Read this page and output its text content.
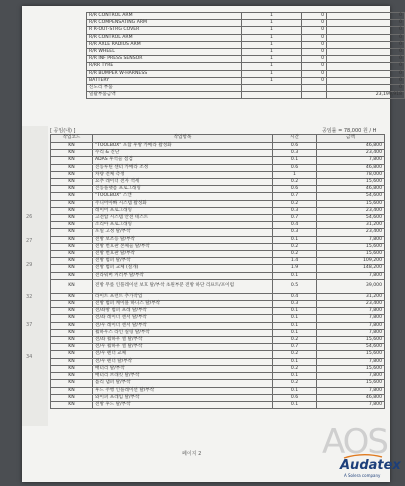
26
27
29
32
37
34
R/R CONTROL ARM	1	0	0
R/R COMPENSATING ARM	1	0	0
R R-OUT-STRG COVER	1	0	0
R/R CONTROL ARM	1	0	0
R/R AXLE RADIUS ARM	1	0	0
R/R WHEEL	1	0	0
R/R INF PRESS SENSOR	1	0	0
R/RR TYRE	1	0	0
R/R BUMPER W-HARNESS	1	0	0
BATTERY	1	0	0
신도리 부품			0
일괄부품금액			23,199,918
[ 공임(내) ]	공임률 = 78,000 원 / H
작업코드	작업항목	시간	금액
KN	"TOOLBOX" 포함 후방 카메라 활성화	0.6	46,800
KN	수리 & 진단	0.3	23,400
KN	ADAS 후석들 점검	0.1	7,800
KN	진동루틴 센터 카메라 조정	0.6	46,800
KN	차량 전체 측정	1	78,000
KN	요추 레이더 전자 석세	0.2	15,600
KN	진동플랫폼 프로그래밍	0.6	46,800
KN	"TOOLBOX" 스캔	0.7	54,600
KN	주니어아빠 시스템 활성화	0.2	15,600
KN	레이어 프로그래밍	0.3	23,400
KN	고전압 시스템 안전 테스트	0.7	54,600
KN	소리아 프로그래밍	0.4	31,200
KN	포일 고정 탈/부착	0.3	23,400
KN	전방 보조등 탈/부착	0.1	7,800
KN	전방 번호판 본체들 탈/부착	0.2	15,600
KN	전방 번호판 탈/부착	0.2	15,600
KN	전방 범퍼 탈/부착	1.4	109,200
KN	전방 범퍼 교체 (절개)	1.9	148,200
KN	전라워버 커러부 탈/부착	0.1	7,800
KN	전방 무릎 인플레이션 보호 탈/부착 초원부분 전방 하단 리프트/포이럼	0.5	39,000
KN	라이트 프런트 추가작업	0.4	31,200
KN	전방 범퍼 케이블 하니스 탈/부착	0.3	23,400
KN	전/좌방 범퍼 프레 탈/부착	0.1	7,800
KN	전/좌 레이더 센서 탈/부착	0.1	7,800
KN	전/우 레이더 센서 탈/부착	0.1	7,800
KN	휠하우스 라인 실링 탈/부착	0.1	7,800
KN	전/좌 휠하우 셀 탈/부착	0.2	15,600
KN	전/우 휠하우 셀 탈/부착	0.7	54,600
KN	전/우 펜더 교체	0.2	15,600
KN	전/우 펜더 탈/부착	0.1	7,800
KN	배터리 탈/부착	0.2	15,600
KN	배터리 브래킷 탈/부착	0.1	7,800
KN	틀리 댐퍼 탈/부착	0.2	15,600
KN	후드 주행 인플레이션 탈/부착	0.1	7,800
KN	와이퍼 프레임 탈/부착	0.6	46,800
KN	전방 후드 탈/부착	0.1	7,800
페이지 2	AOS
Audatex
A Solera company
